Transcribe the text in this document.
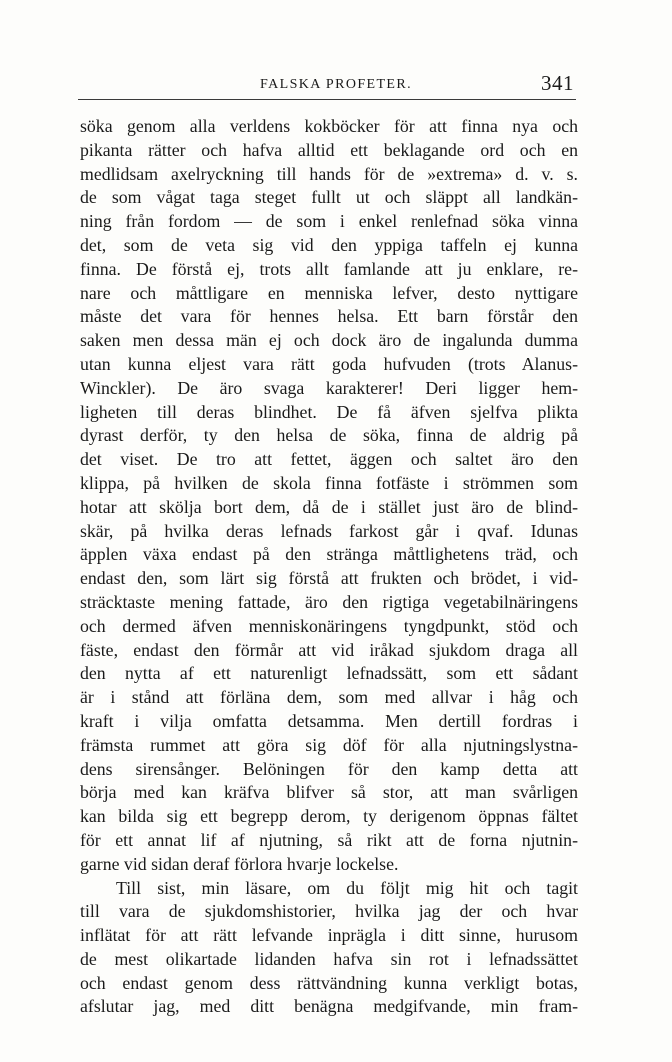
FALSKA PROFETER.	341
söka genom alla verldens kokböcker för att finna nya och
pikanta rätter och hafva alltid ett beklagande ord och en
medlidsam axelryckning till hands för de »extrema» d. v. s.
de som vågat taga steget fullt ut och släppt all landkän-
ning från fordom — de som i enkel renlefnad söka vinna
det, som de veta sig vid den yppiga taffeln ej kunna
finna. De förstå ej, trots allt famlande att ju enklare, re-
nare och måttligare en menniska lefver, desto nyttigare
måste det vara för hennes helsa. Ett barn förstår den
saken men dessa män ej och dock äro de ingalunda dumma
utan kunna eljest vara rätt goda hufvuden (trots Alanus-
Winckler). De äro svaga karakterer! Deri ligger hem-
ligheten till deras blindhet. De få äfven sjelfva plikta
dyrast derför, ty den helsa de söka, finna de aldrig på
det viset. De tro att fettet, äggen och saltet äro den
klippa, på hvilken de skola finna fotfäste i strömmen som
hotar att skölja bort dem, då de i stället just äro de blind-
skär, på hvilka deras lefnads farkost går i qvaf. Idunas
äpplen växa endast på den stränga måttlighetens träd, och
endast den, som lärt sig förstå att frukten och brödet, i vid-
sträcktaste mening fattade, äro den rigtiga vegetabilnäringens
och dermed äfven menniskonäringens tyngdpunkt, stöd och
fäste, endast den förmår att vid iråkad sjukdom draga all
den nytta af ett naturenligt lefnadssätt, som ett sådant
är i stånd att förläna dem, som med allvar i håg och
kraft i vilja omfatta detsamma. Men dertill fordras i
främsta rummet att göra sig döf för alla njutningslystna-
dens sirensånger. Belöningen för den kamp detta att
börja med kan kräfva blifver så stor, att man svårligen
kan bilda sig ett begrepp derom, ty derigenom öppnas fältet
för ett annat lif af njutning, så rikt att de forna njutnin-
garne vid sidan deraf förlora hvarje lockelse.
Till sist, min läsare, om du följt mig hit och tagit
till vara de sjukdomshistorier, hvilka jag der och hvar
inflätat för att rätt lefvande inprägla i ditt sinne, hurusom
de mest olikartade lidanden hafva sin rot i lefnadssättet
och endast genom dess rättvändning kunna verkligt botas,
afslutar jag, med ditt benägna medgifvande, min fram-
